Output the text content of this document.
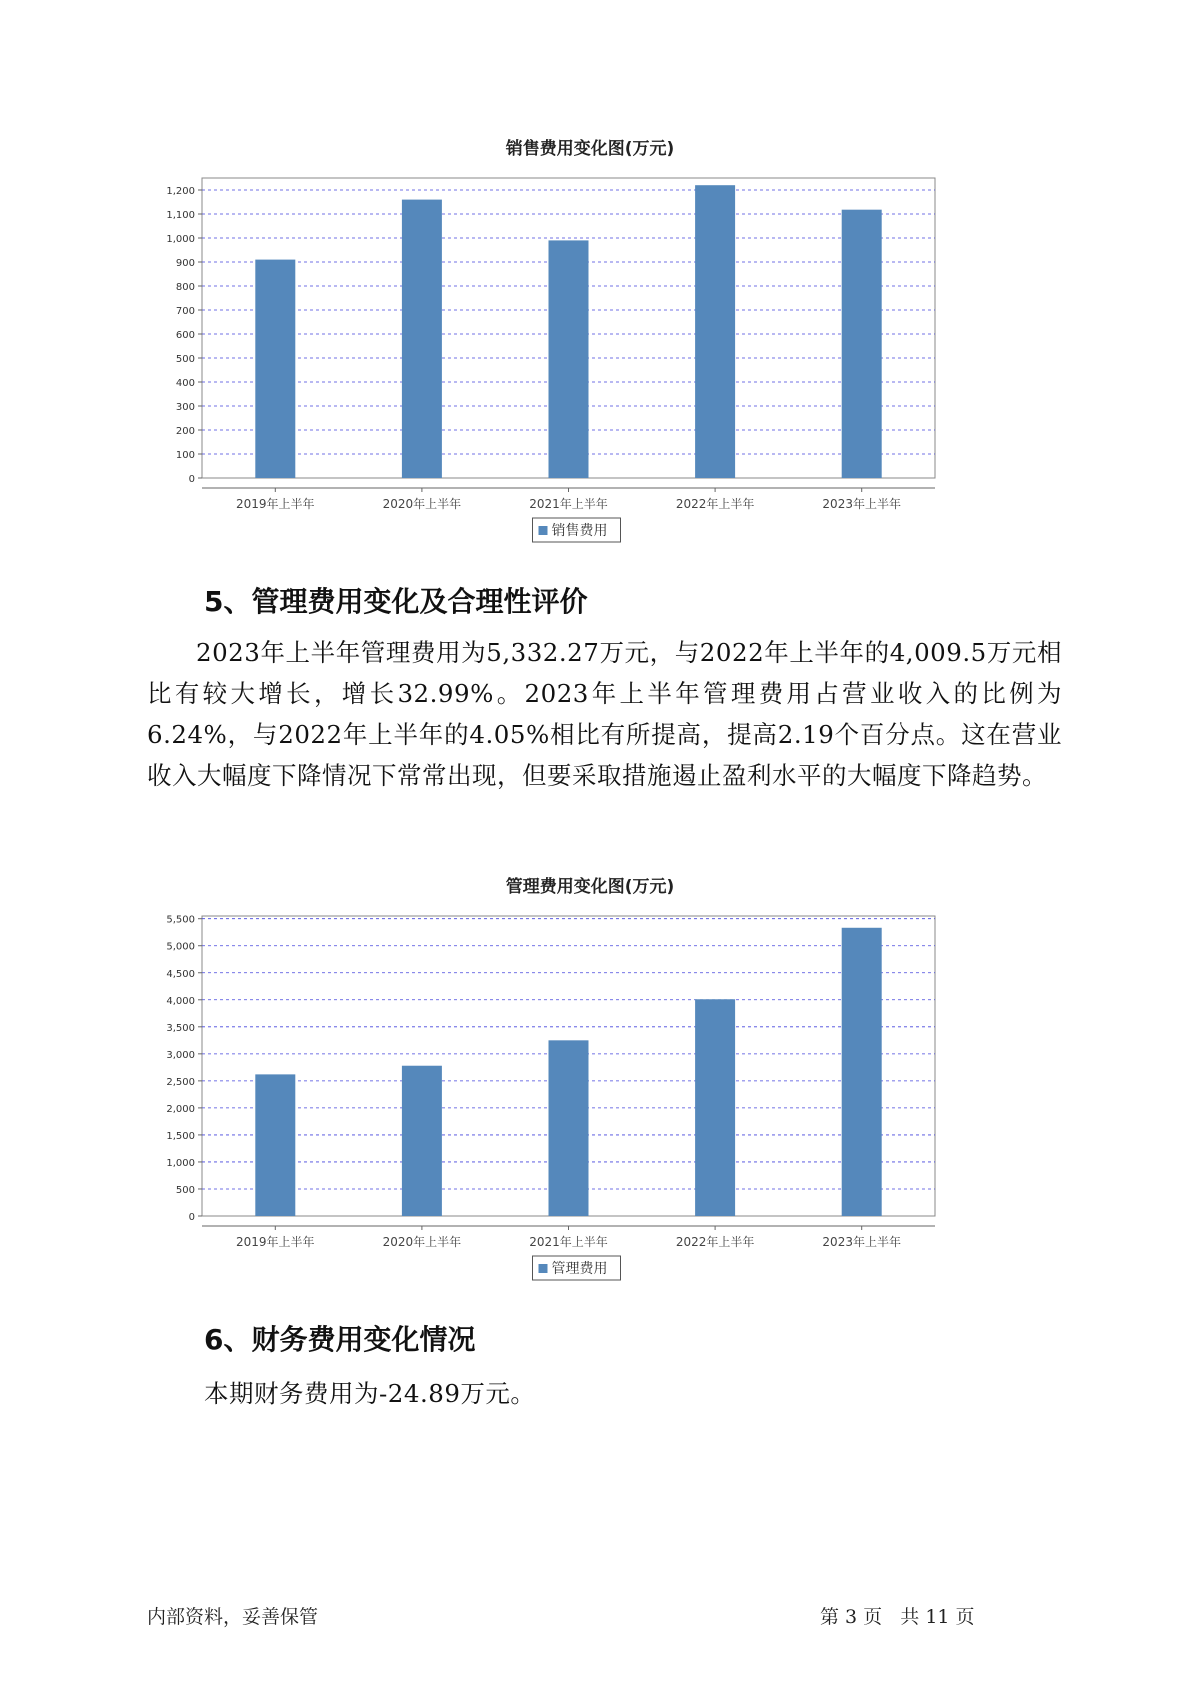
销售费用变化图(万元)
0
100
200
300
400
500
600
700
800
900
1,000
1,100
1,200
2019年上半年	2020年上半年	2021年上半年	2022年上半年	2023年上半年
销售费用
5、管理费用变化及合理性评价

2023年上半年管理费用为5,332.27万元，与2022年上半年的4,009.5万元相比有较大增长，增长32.99%。2023年上半年管理费用占营业收入的比例为6.24%，与2022年上半年的4.05%相比有所提高，提高2.19个百分点。这在营业收入大幅度下降情况下常常出现，但要采取措施遏止盈利水平的大幅度下降趋势。

管理费用变化图(万元)
0
500
1,000
1,500
2,000
2,500
3,000
3,500
4,000
4,500
5,000
5,500
2019年上半年	2020年上半年	2021年上半年	2022年上半年	2023年上半年
管理费用
6、财务费用变化情况

本期财务费用为-24.89万元。

内部资料，妥善保管	第 3 页   共 11 页
